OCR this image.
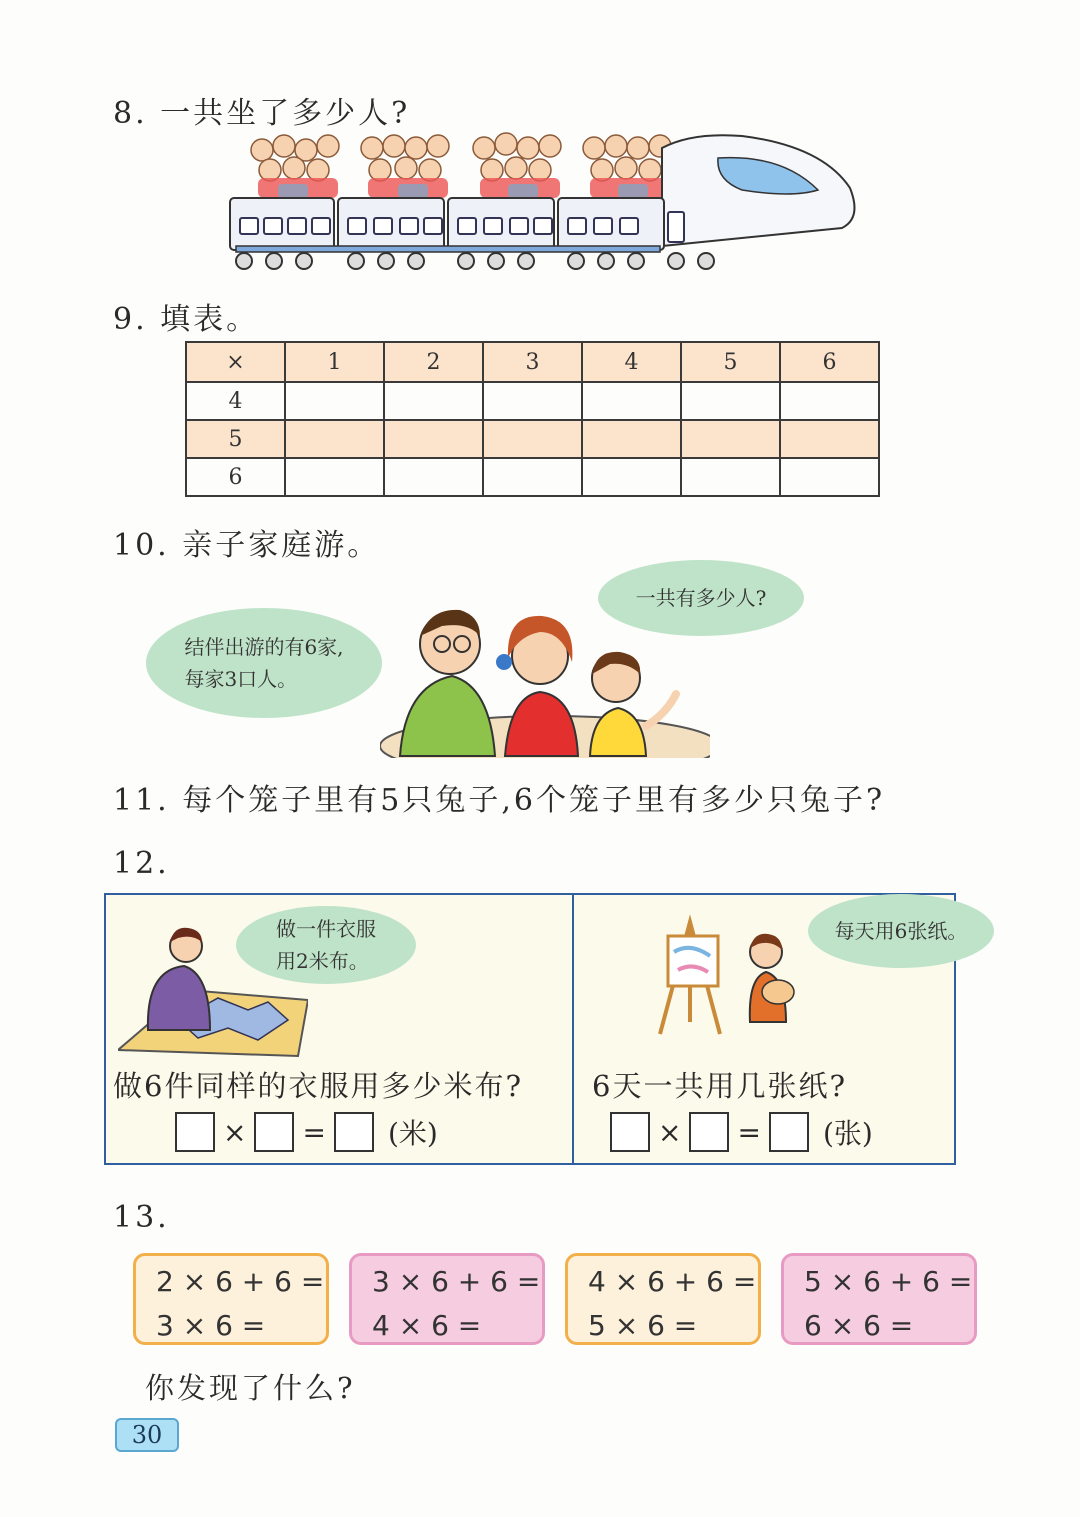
8. 一共坐了多少人?
9. 填表。
×	1	2	3	4	5	6
4						
5						
6						
10. 亲子家庭游。
结伴出游的有6家,
每家3口人。
一共有多少人?
11. 每个笼子里有5只兔子,6个笼子里有多少只兔子?
12.
做一件衣服
用2米布。
做6件同样的衣服用多少米布?
× = (米)
每天用6张纸。
6天一共用几张纸?
× = (张)
13.
2 × 6 + 6 =
3 × 6 =
3 × 6 + 6 =
4 × 6 =
4 × 6 + 6 =
5 × 6 =
5 × 6 + 6 =
6 × 6 =
你发现了什么?
30
